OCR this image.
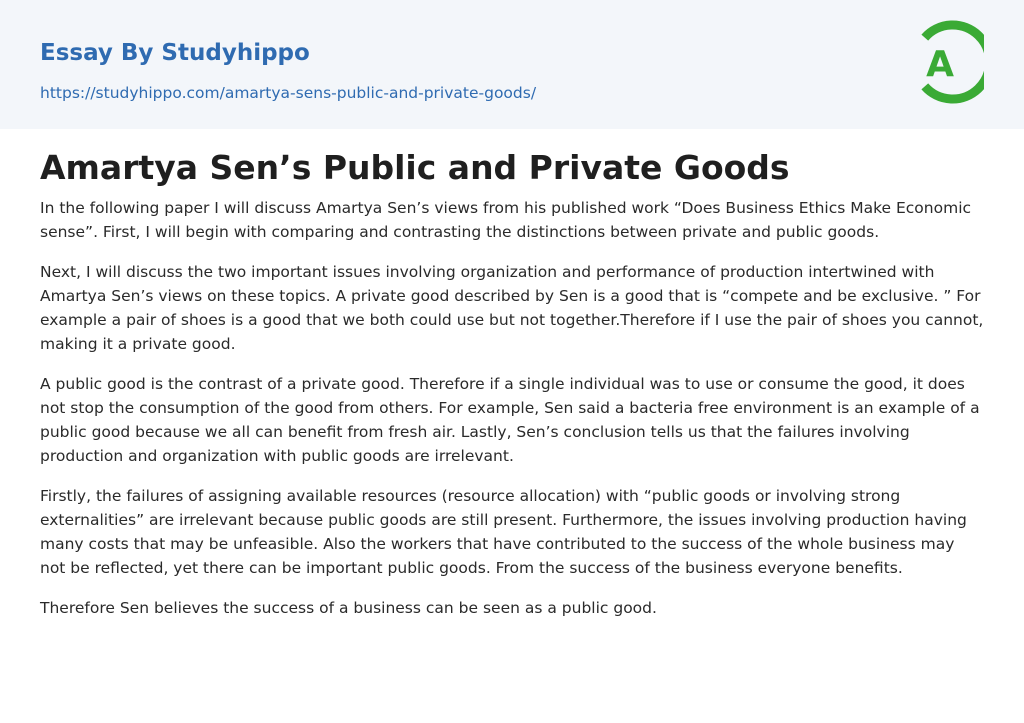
Essay By Studyhippo
https://studyhippo.com/amartya-sens-public-and-private-goods/
A
Amartya Sen’s Public and Private Goods

In the following paper I will discuss Amartya Sen’s views from his published work “Does Business Ethics Make Economic sense”. First, I will begin with comparing and contrasting the distinctions between private and public goods.

Next, I will discuss the two important issues involving organization and performance of production intertwined with Amartya Sen’s views on these topics. A private good described by Sen is a good that is “compete and be exclusive. ” For example a pair of shoes is a good that we both could use but not together.Therefore if I use the pair of shoes you cannot, making it a private good.

A public good is the contrast of a private good. Therefore if a single individual was to use or consume the good, it does not stop the consumption of the good from others. For example, Sen said a bacteria free environment is an example of a public good because we all can benefit from fresh air. Lastly, Sen’s conclusion tells us that the failures involving production and organization with public goods are irrelevant.

Firstly, the failures of assigning available resources (resource allocation) with “public goods or involving strong externalities” are irrelevant because public goods are still present. Furthermore, the issues involving production having many costs that may be unfeasible. Also the workers that have contributed to the success of the whole business may not be reflected, yet there can be important public goods. From the success of the business everyone benefits.

Therefore Sen believes the success of a business can be seen as a public good.
